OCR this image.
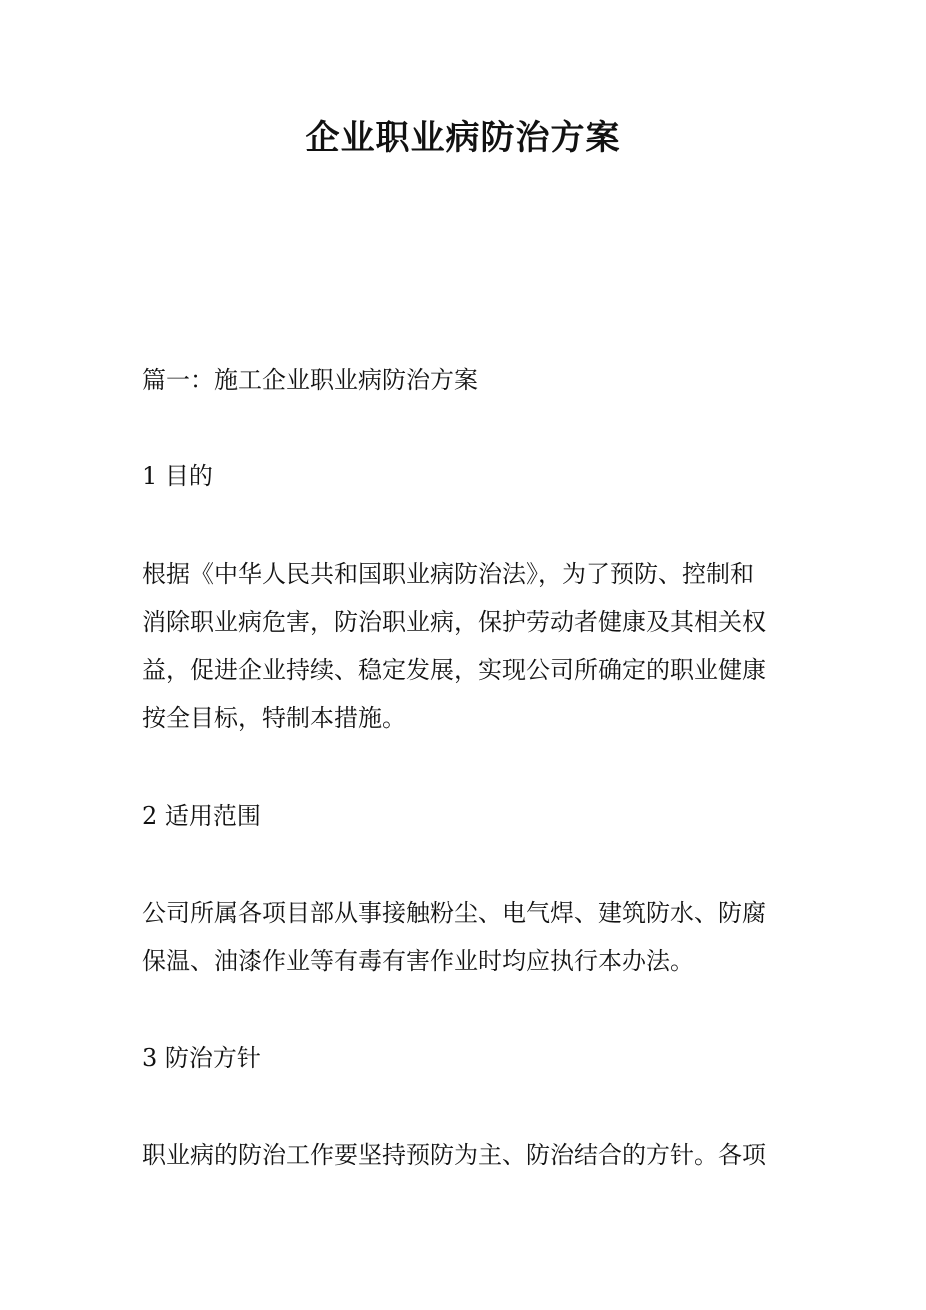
企业职业病防治方案

篇一：施工企业职业病防治方案

1 目的

根据《中华人民共和国职业病防治法》，为了预防、控制和
消除职业病危害，防治职业病，保护劳动者健康及其相关权
益，促进企业持续、稳定发展，实现公司所确定的职业健康
按全目标，特制本措施。

2 适用范围

公司所属各项目部从事接触粉尘、电气焊、建筑防水、防腐
保温、油漆作业等有毒有害作业时均应执行本办法。

3 防治方针

职业病的防治工作要坚持预防为主、防治结合的方针。各项
